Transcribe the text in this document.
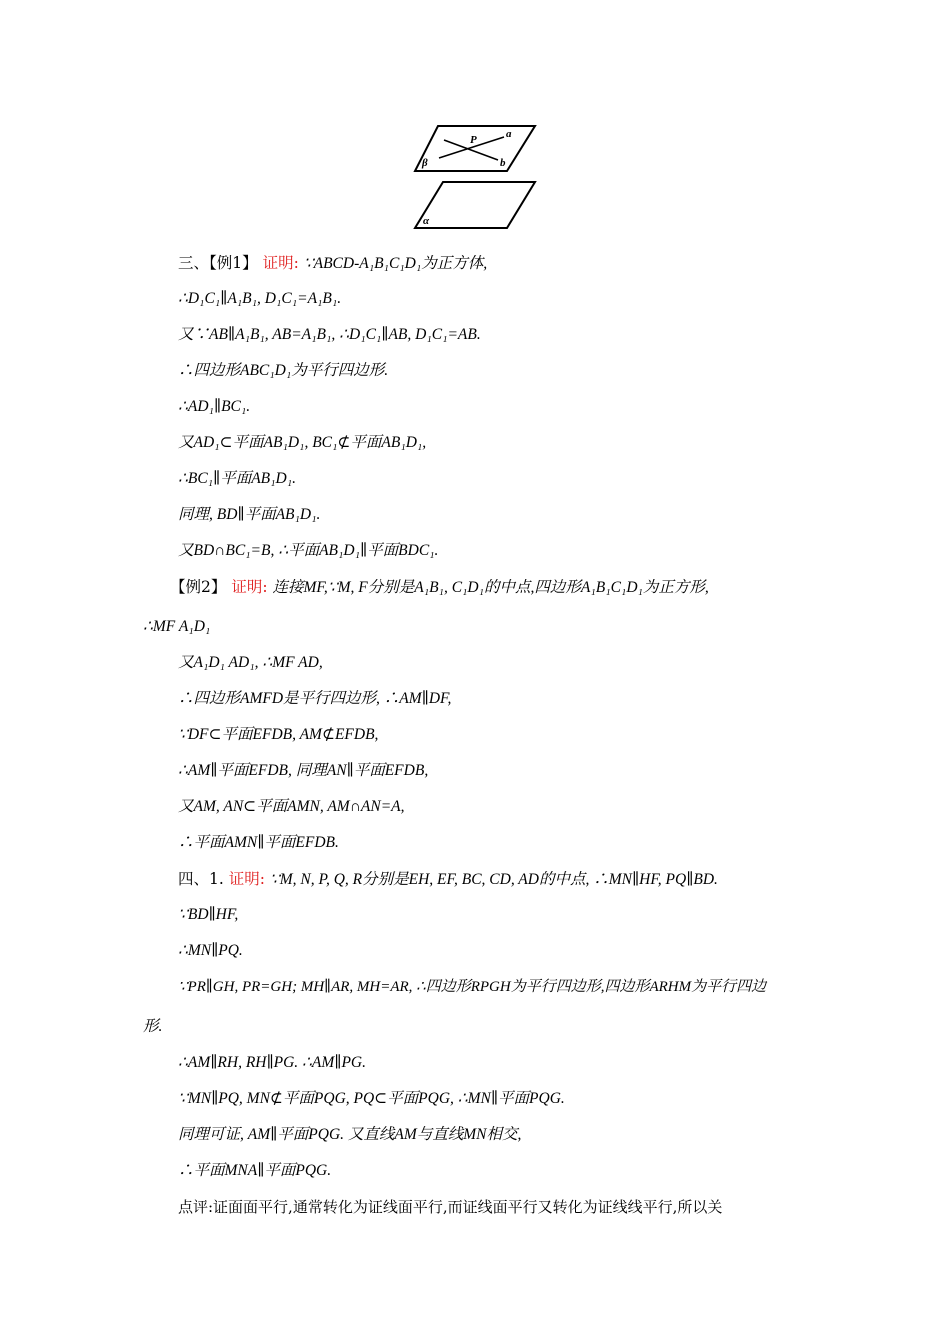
P	a
b
β
α
三、【例1】 证明: ∵ABCD-A₁B₁C₁D₁为正方体,
∴D₁C₁∥A₁B₁, D₁C₁=A₁B₁.
又∵AB∥A₁B₁, AB=A₁B₁, ∴D₁C₁∥AB, D₁C₁=AB.
∴四边形ABC₁D₁为平行四边形.
∴AD₁∥BC₁.
又AD₁⊂平面AB₁D₁, BC₁⊄平面AB₁D₁,
∴BC₁∥平面AB₁D₁.
同理, BD∥平面AB₁D₁.
又BD∩BC₁=B, ∴平面AB₁D₁∥平面BDC₁.
【例2】 证明: 连接MF,∵M, F分别是A₁B₁, C₁D₁的中点,四边形A₁B₁C₁D₁为正方形,
∴MF A₁D₁
又A₁D₁ AD₁, ∴MF AD,
∴四边形AMFD是平行四边形, ∴AM∥DF,
∵DF⊂平面EFDB, AM⊄EFDB,
∴AM∥平面EFDB, 同理AN∥平面EFDB,
又AM, AN⊂平面AMN, AM∩AN=A,
∴平面AMN∥平面EFDB.
四、1. 证明: ∵M, N, P, Q, R分别是EH, EF, BC, CD, AD的中点, ∴MN∥HF, PQ∥BD.
∵BD∥HF,
∴MN∥PQ.
∵PR∥GH, PR=GH; MH∥AR, MH=AR, ∴四边形RPGH为平行四边形,四边形ARHM为平行四边
形.
∴AM∥RH, RH∥PG. ∴AM∥PG.
∵MN∥PQ, MN⊄平面PQG, PQ⊂平面PQG, ∴MN∥平面PQG.
同理可证, AM∥平面PQG. 又直线AM与直线MN相交,
∴平面MNA∥平面PQG.
点评:证面面平行,通常转化为证线面平行,而证线面平行又转化为证线线平行,所以关
